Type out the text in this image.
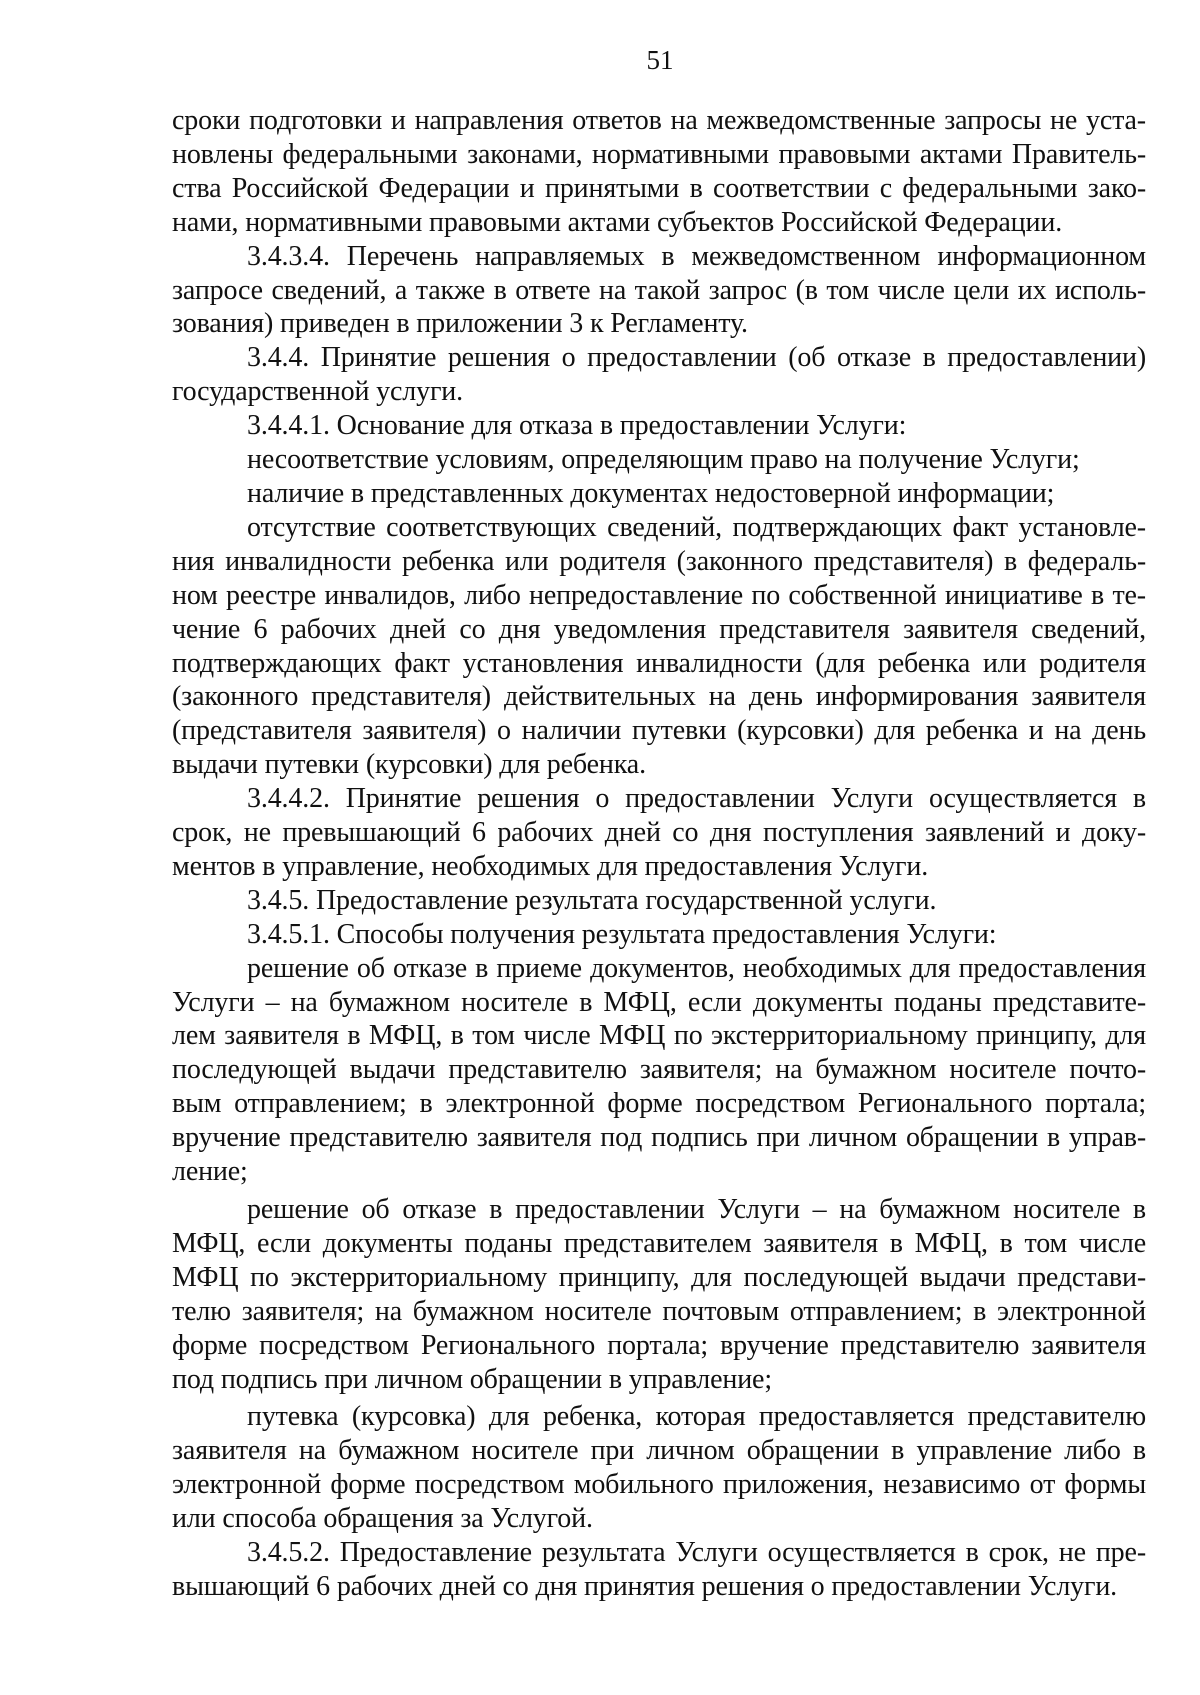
51
сроки подготовки и направления ответов на межведомственные запросы не уста-
новлены федеральными законами, нормативными правовыми актами Правитель-
ства Российской Федерации и принятыми в соответствии с федеральными зако-
нами, нормативными правовыми актами субъектов Российской Федерации.
3.4.3.4. Перечень направляемых в межведомственном информационном
запросе сведений, а также в ответе на такой запрос (в том числе цели их исполь-
зования) приведен в приложении 3 к Регламенту.
3.4.4. Принятие решения о предоставлении (об отказе в предоставлении)
государственной услуги.
3.4.4.1. Основание для отказа в предоставлении Услуги:
несоответствие условиям, определяющим право на получение Услуги;
наличие в представленных документах недостоверной информации;
отсутствие соответствующих сведений, подтверждающих факт установле-
ния инвалидности ребенка или родителя (законного представителя) в федераль-
ном реестре инвалидов, либо непредоставление по собственной инициативе в те-
чение 6 рабочих дней со дня уведомления представителя заявителя сведений,
подтверждающих факт установления инвалидности (для ребенка или родителя
(законного представителя) действительных на день информирования заявителя
(представителя заявителя) о наличии путевки (курсовки) для ребенка и на день
выдачи путевки (курсовки) для ребенка.
3.4.4.2. Принятие решения о предоставлении Услуги осуществляется в
срок, не превышающий 6 рабочих дней со дня поступления заявлений и доку-
ментов в управление, необходимых для предоставления Услуги.
3.4.5. Предоставление результата государственной услуги.
3.4.5.1. Способы получения результата предоставления Услуги:
решение об отказе в приеме документов, необходимых для предоставления
Услуги – на бумажном носителе в МФЦ, если документы поданы представите-
лем заявителя в МФЦ, в том числе МФЦ по экстерриториальному принципу, для
последующей выдачи представителю заявителя; на бумажном носителе почто-
вым отправлением; в электронной форме посредством Регионального портала;
вручение представителю заявителя под подпись при личном обращении в управ-
ление;
решение об отказе в предоставлении Услуги – на бумажном носителе в
МФЦ, если документы поданы представителем заявителя в МФЦ, в том числе
МФЦ по экстерриториальному принципу, для последующей выдачи представи-
телю заявителя; на бумажном носителе почтовым отправлением; в электронной
форме посредством Регионального портала; вручение представителю заявителя
под подпись при личном обращении в управление;
путевка (курсовка) для ребенка, которая предоставляется представителю
заявителя на бумажном носителе при личном обращении в управление либо в
электронной форме посредством мобильного приложения, независимо от формы
или способа обращения за Услугой.
3.4.5.2. Предоставление результата Услуги осуществляется в срок, не пре-
вышающий 6 рабочих дней со дня принятия решения о предоставлении Услуги.
